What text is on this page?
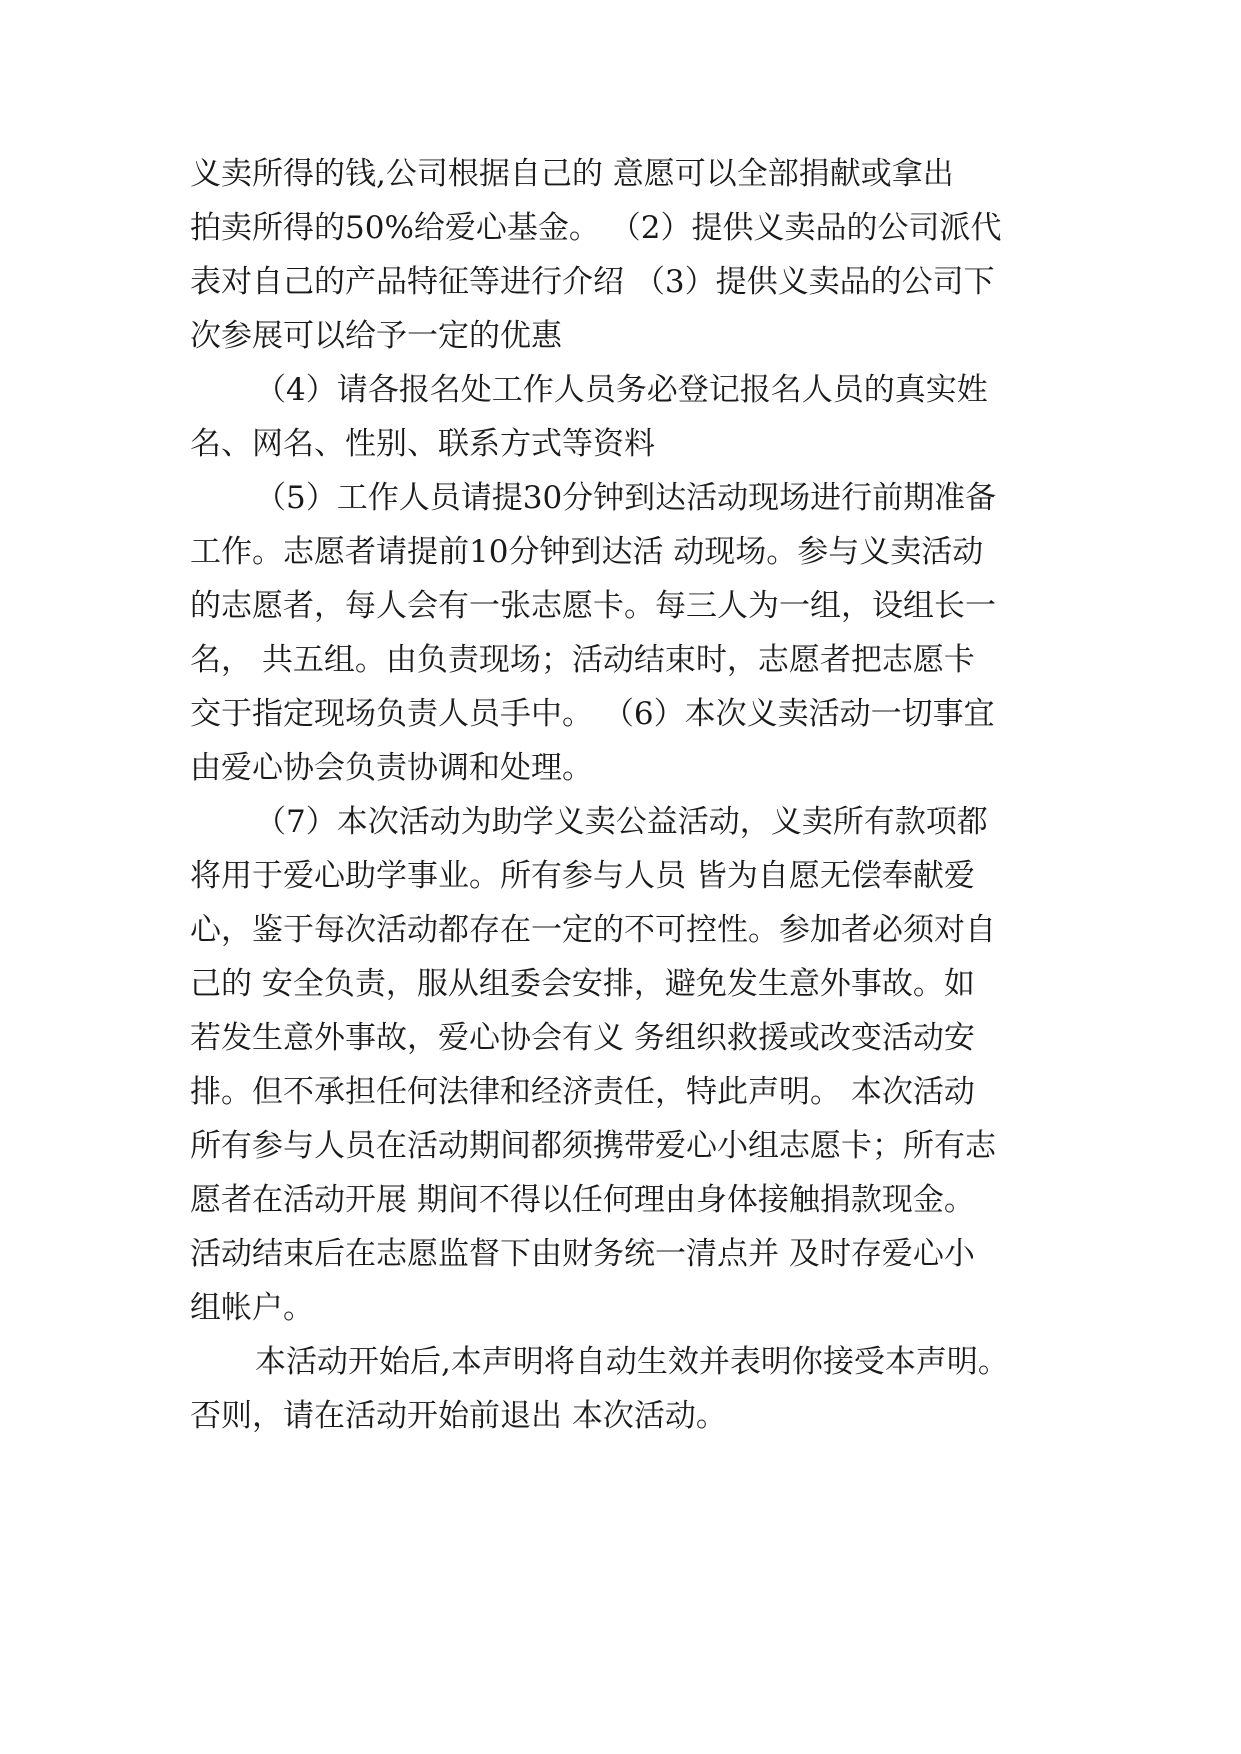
义卖所得的钱,公司根据自己的 意愿可以全部捐献或拿出
拍卖所得的50%给爱心基金。 （2）提供义卖品的公司派代
表对自己的产品特征等进行介绍 （3）提供义卖品的公司下
次参展可以给予一定的优惠
（4）请各报名处工作人员务必登记报名人员的真实姓
名、网名、性别、联系方式等资料
（5）工作人员请提30分钟到达活动现场进行前期准备
工作。志愿者请提前10分钟到达活 动现场。参与义卖活动
的志愿者，每人会有一张志愿卡。每三人为一组，设组长一
名， 共五组。由负责现场；活动结束时，志愿者把志愿卡
交于指定现场负责人员手中。 （6）本次义卖活动一切事宜
由爱心协会负责协调和处理。
（7）本次活动为助学义卖公益活动，义卖所有款项都
将用于爱心助学事业。所有参与人员 皆为自愿无偿奉献爱
心，鉴于每次活动都存在一定的不可控性。参加者必须对自
己的 安全负责，服从组委会安排，避免发生意外事故。如
若发生意外事故，爱心协会有义 务组织救援或改变活动安
排。但不承担任何法律和经济责任，特此声明。 本次活动
所有参与人员在活动期间都须携带爱心小组志愿卡；所有志
愿者在活动开展 期间不得以任何理由身体接触捐款现金。
活动结束后在志愿监督下由财务统一清点并 及时存爱心小
组帐户。
本活动开始后,本声明将自动生效并表明你接受本声明。
否则，请在活动开始前退出 本次活动。
